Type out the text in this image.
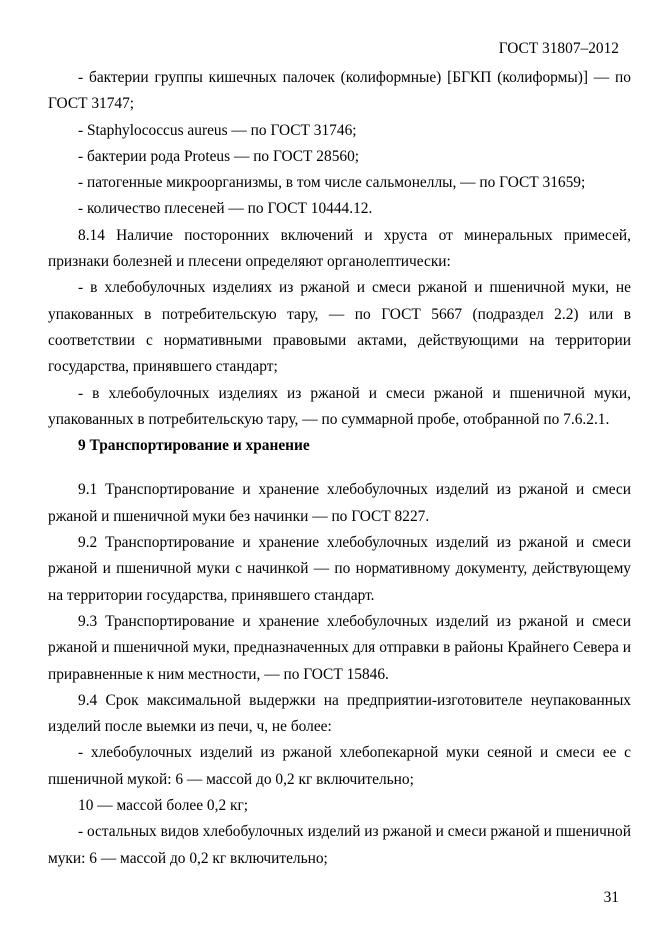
ГОСТ 31807–2012

- бактерии группы кишечных палочек (колиформные) [БГКП (колиформы)] — по ГОСТ 31747;

- Staphylococcus aureus — по ГОСТ 31746;

- бактерии рода Proteus — по ГОСТ 28560;

- патогенные микроорганизмы, в том числе сальмонеллы, — по ГОСТ 31659;

- количество плесеней — по ГОСТ 10444.12.

8.14 Наличие посторонних включений и хруста от минеральных примесей, признаки болезней и плесени определяют органолептически:

- в хлебобулочных изделиях из ржаной и смеси ржаной и пшеничной муки, не упакованных в потребительскую тару, — по ГОСТ 5667 (подраздел 2.2) или в соответствии с нормативными правовыми актами, действующими на территории государства, принявшего стандарт;

- в хлебобулочных изделиях из ржаной и смеси ржаной и пшеничной муки, упакованных в потребительскую тару, — по суммарной пробе, отобранной по 7.6.2.1.

9 Транспортирование и хранение

9.1 Транспортирование и хранение хлебобулочных изделий из ржаной и смеси ржаной и пшеничной муки без начинки — по ГОСТ 8227.

9.2 Транспортирование и хранение хлебобулочных изделий из ржаной и смеси ржаной и пшеничной муки с начинкой — по нормативному документу, действующему на территории государства, принявшего стандарт.

9.3 Транспортирование и хранение хлебобулочных изделий из ржаной и смеси ржаной и пшеничной муки, предназначенных для отправки в районы Крайнего Севера и приравненные к ним местности, — по ГОСТ 15846.

9.4 Срок максимальной выдержки на предприятии-изготовителе неупакованных изделий после выемки из печи, ч, не более:

- хлебобулочных изделий из ржаной хлебопекарной муки сеяной и смеси ее с пшеничной мукой: 6 — массой до 0,2 кг включительно;

10 — массой более 0,2 кг;

- остальных видов хлебобулочных изделий из ржаной и смеси ржаной и пшеничной муки: 6 — массой до 0,2 кг включительно;

31
